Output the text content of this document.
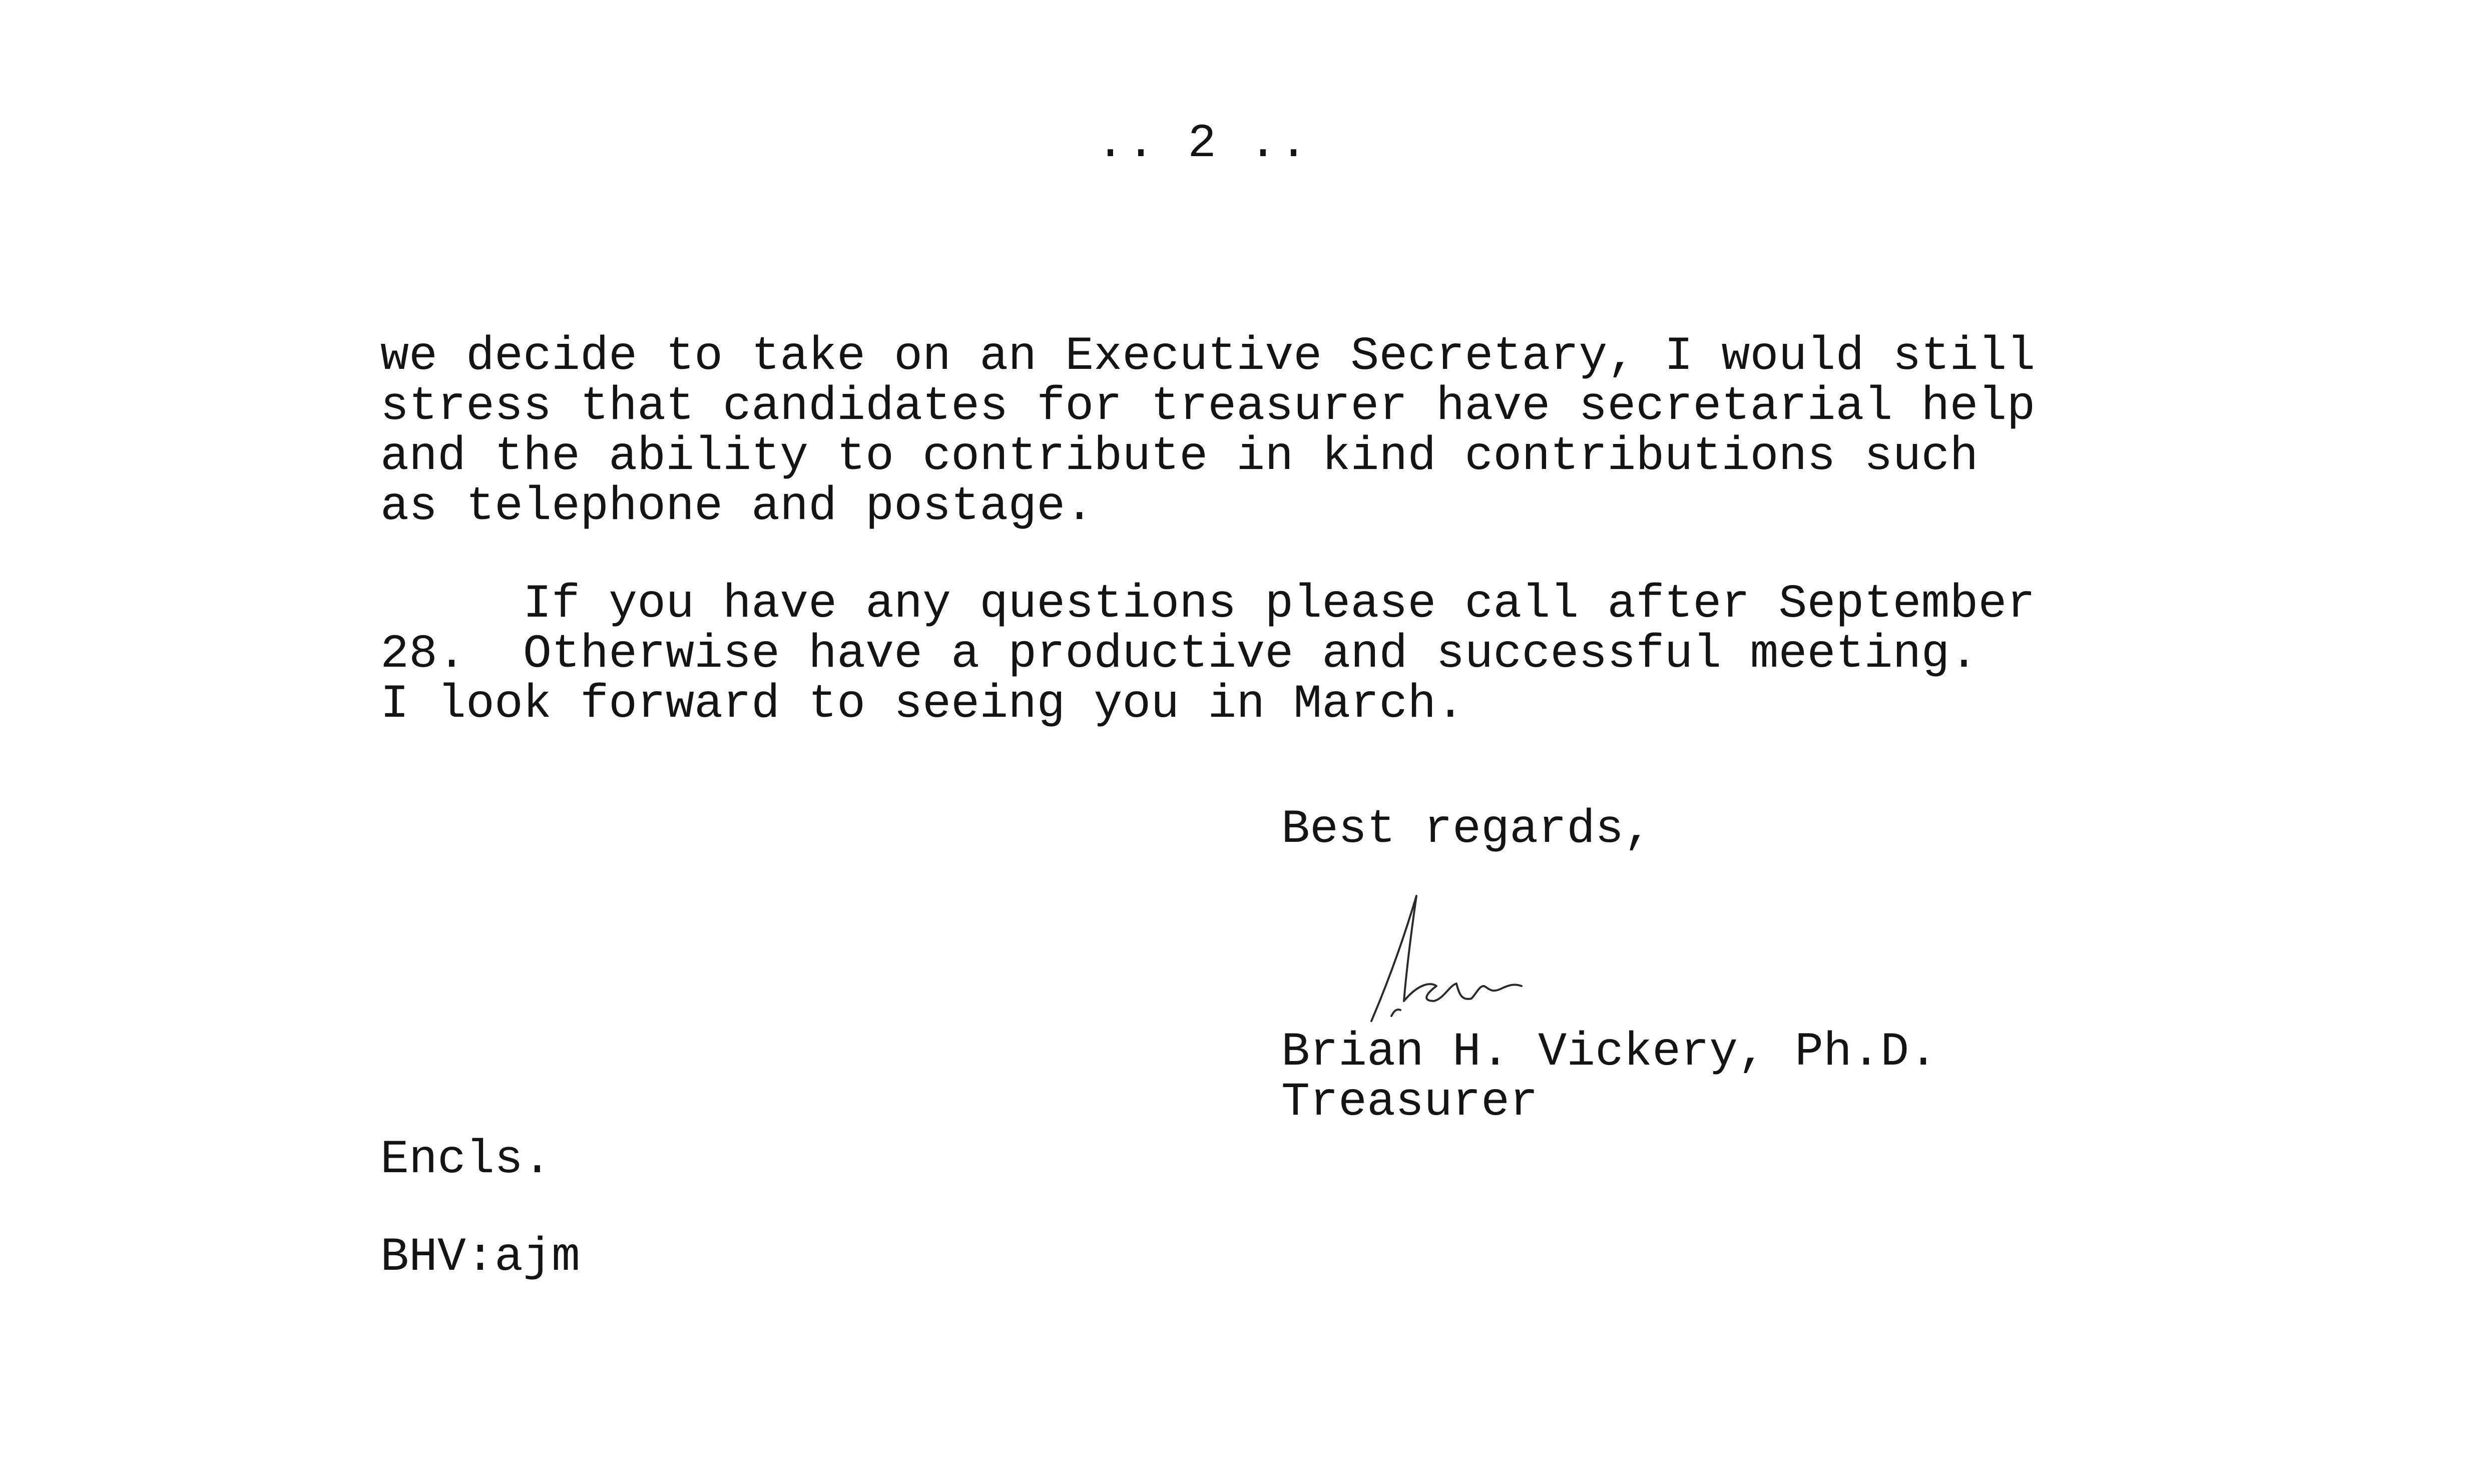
.. 2 ..
we decide to take on an Executive Secretary, I would still
stress that candidates for treasurer have secretarial help
and the ability to contribute in kind contributions such
as telephone and postage.
If you have any questions please call after September
28.  Otherwise have a productive and successful meeting.
I look forward to seeing you in March.
Best regards,
Brian H. Vickery, Ph.D.
Treasurer
Encls.
BHV:ajm
